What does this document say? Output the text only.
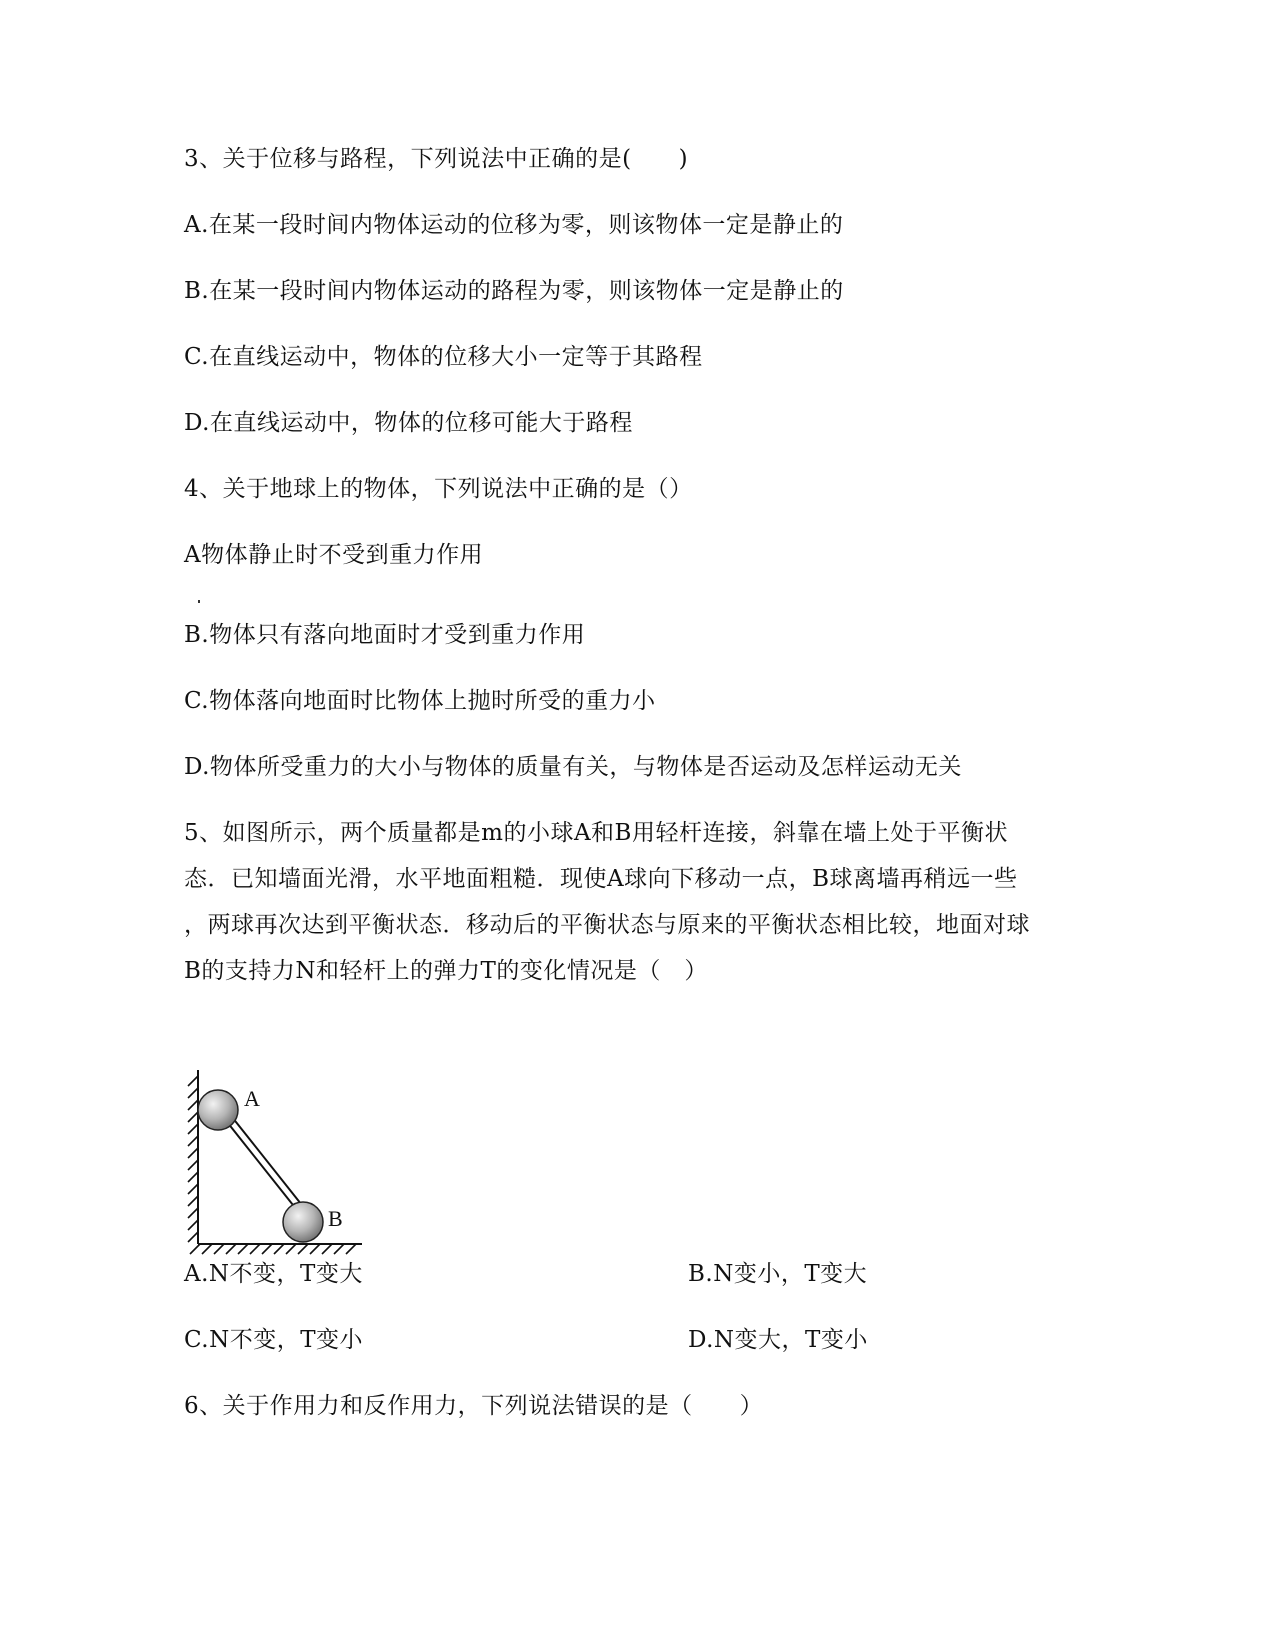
3、关于位移与路程，下列说法中正确的是(　　)
A.在某一段时间内物体运动的位移为零，则该物体一定是静止的
B.在某一段时间内物体运动的路程为零，则该物体一定是静止的
C.在直线运动中，物体的位移大小一定等于其路程
D.在直线运动中，物体的位移可能大于路程
4、关于地球上的物体，下列说法中正确的是（）
A物体静止时不受到重力作用
B.物体只有落向地面时才受到重力作用
C.物体落向地面时比物体上抛时所受的重力小
D.物体所受重力的大小与物体的质量有关，与物体是否运动及怎样运动无关
5、如图所示，两个质量都是m的小球A和B用轻杆连接，斜靠在墙上处于平衡状
态．已知墙面光滑，水平地面粗糙．现使A球向下移动一点，B球离墙再稍远一些
，两球再次达到平衡状态．移动后的平衡状态与原来的平衡状态相比较，地面对球
B的支持力N和轻杆上的弹力T的变化情况是（　）
A
B
A.N不变，T变大	B.N变小，T变大
C.N不变，T变小	D.N变大，T变小
6、关于作用力和反作用力，下列说法错误的是（　　）
